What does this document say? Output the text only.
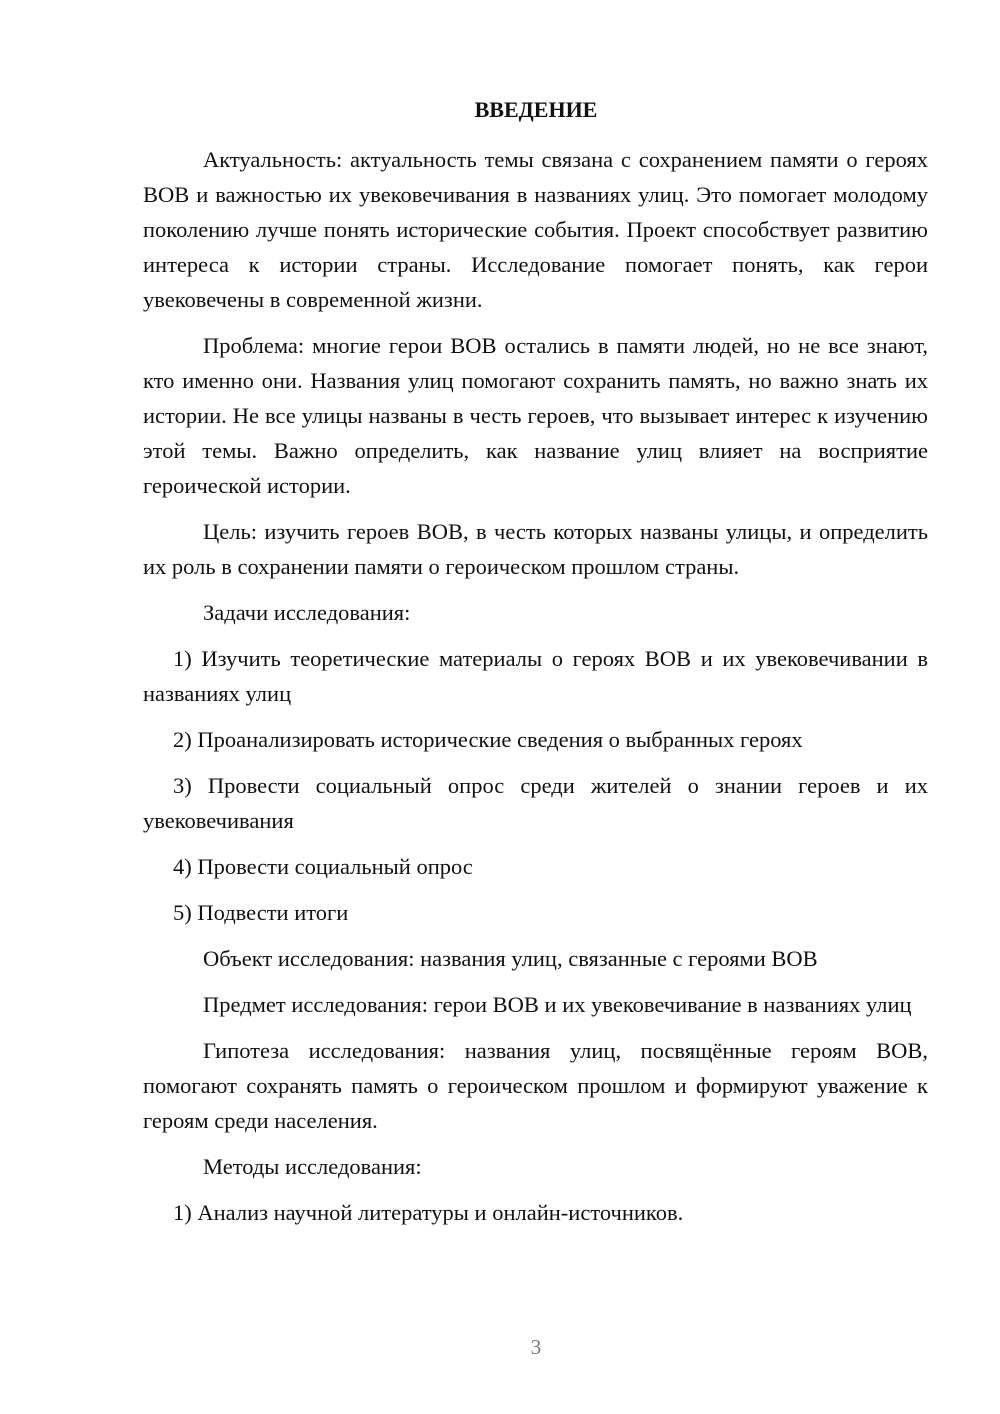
ВВЕДЕНИЕ

Актуальность: актуальность темы связана с сохранением памяти о героях ВОВ и важностью их увековечивания в названиях улиц. Это помогает молодому поколению лучше понять исторические события. Проект способствует развитию интереса к истории страны. Исследование помогает понять, как герои увековечены в современной жизни.

Проблема: многие герои ВОВ остались в памяти людей, но не все знают, кто именно они. Названия улиц помогают сохранить память, но важно знать их истории. Не все улицы названы в честь героев, что вызывает интерес к изучению этой темы. Важно определить, как название улиц влияет на восприятие героической истории.

Цель: изучить героев ВОВ, в честь которых названы улицы, и определить их роль в сохранении памяти о героическом прошлом страны.

Задачи исследования:

1) Изучить теоретические материалы о героях ВОВ и их увековечивании в названиях улиц

2) Проанализировать исторические сведения о выбранных героях

3) Провести социальный опрос среди жителей о знании героев и их увековечивания

4) Провести социальный опрос

5) Подвести итоги

Объект исследования: названия улиц, связанные с героями ВОВ

Предмет исследования: герои ВОВ и их увековечивание в названиях улиц

Гипотеза исследования: названия улиц, посвящённые героям ВОВ, помогают сохранять память о героическом прошлом и формируют уважение к героям среди населения.

Методы исследования:

1) Анализ научной литературы и онлайн-источников.

3
